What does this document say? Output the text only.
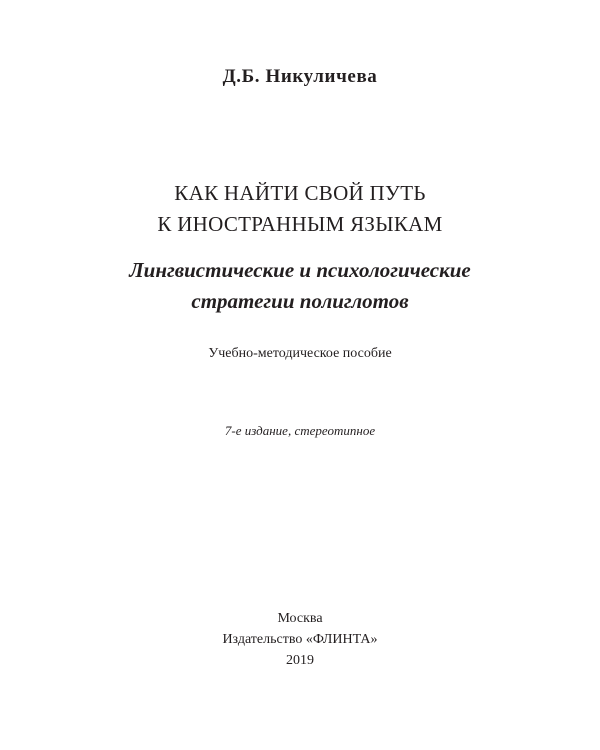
Д.Б. Никуличева
КАК НАЙТИ СВОЙ ПУТЬ
К ИНОСТРАННЫМ ЯЗЫКАМ
Лингвистические и психологические
стратегии полиглотов
Учебно-методическое пособие
7-е издание, стереотипное
Москва
Издательство «ФЛИНТА»
2019
